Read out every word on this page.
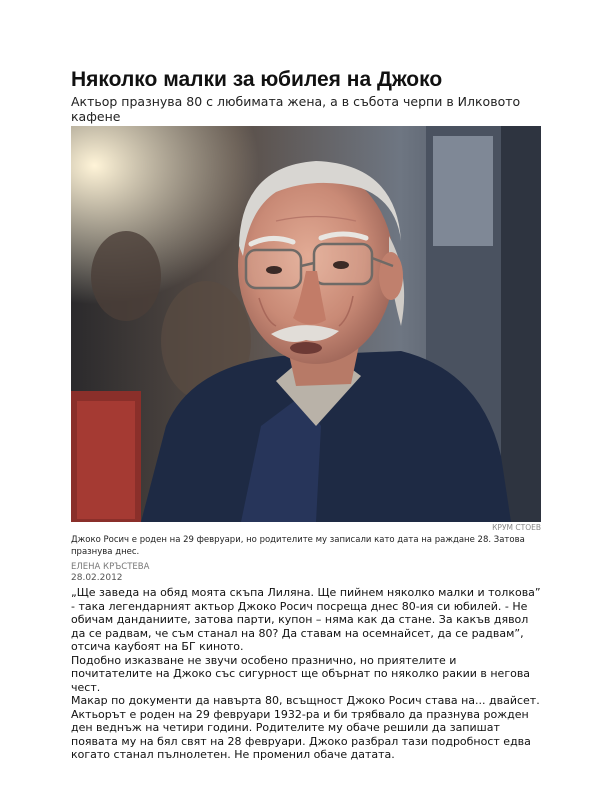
Няколко малки за юбилея на Джоко
Актьор празнува 80 с любимата жена, а в събота черпи в Илковото кафене
КРУМ СТОЕВ
Джоко Росич е роден на 29 февруари, но родителите му записали като дата на раждане 28. Затова празнува днес.
ЕЛЕНА КРЪСТЕВА
28.02.2012

„Ще заведа на обяд моята скъпа Лиляна. Ще пийнем няколко малки и толкова” - така легендарният актьор Джоко Росич посреща днес 80-ия си юбилей. - Не обичам данданиите, затова парти, купон – няма как да стане. За какъв дявол да се радвам, че съм станал на 80? Да ставам на осемнайсет, да се радвам”, отсича каубоят на БГ киното.

Подобно изказване не звучи особено празнично, но приятелите и почитателите на Джоко със сигурност ще обърнат по няколко ракии в негова чест.

Макар по документи да навърта 80, всъщност Джоко Росич става на... двайсет. Актьорът е роден на 29 февруари 1932-ра и би трябвало да празнува рожден ден веднъж на четири години. Родителите му обаче решили да запишат появата му на бял свят на 28 февруари. Джоко разбрал тази подробност едва когато станал пълнолетен. Не променил обаче датата.
